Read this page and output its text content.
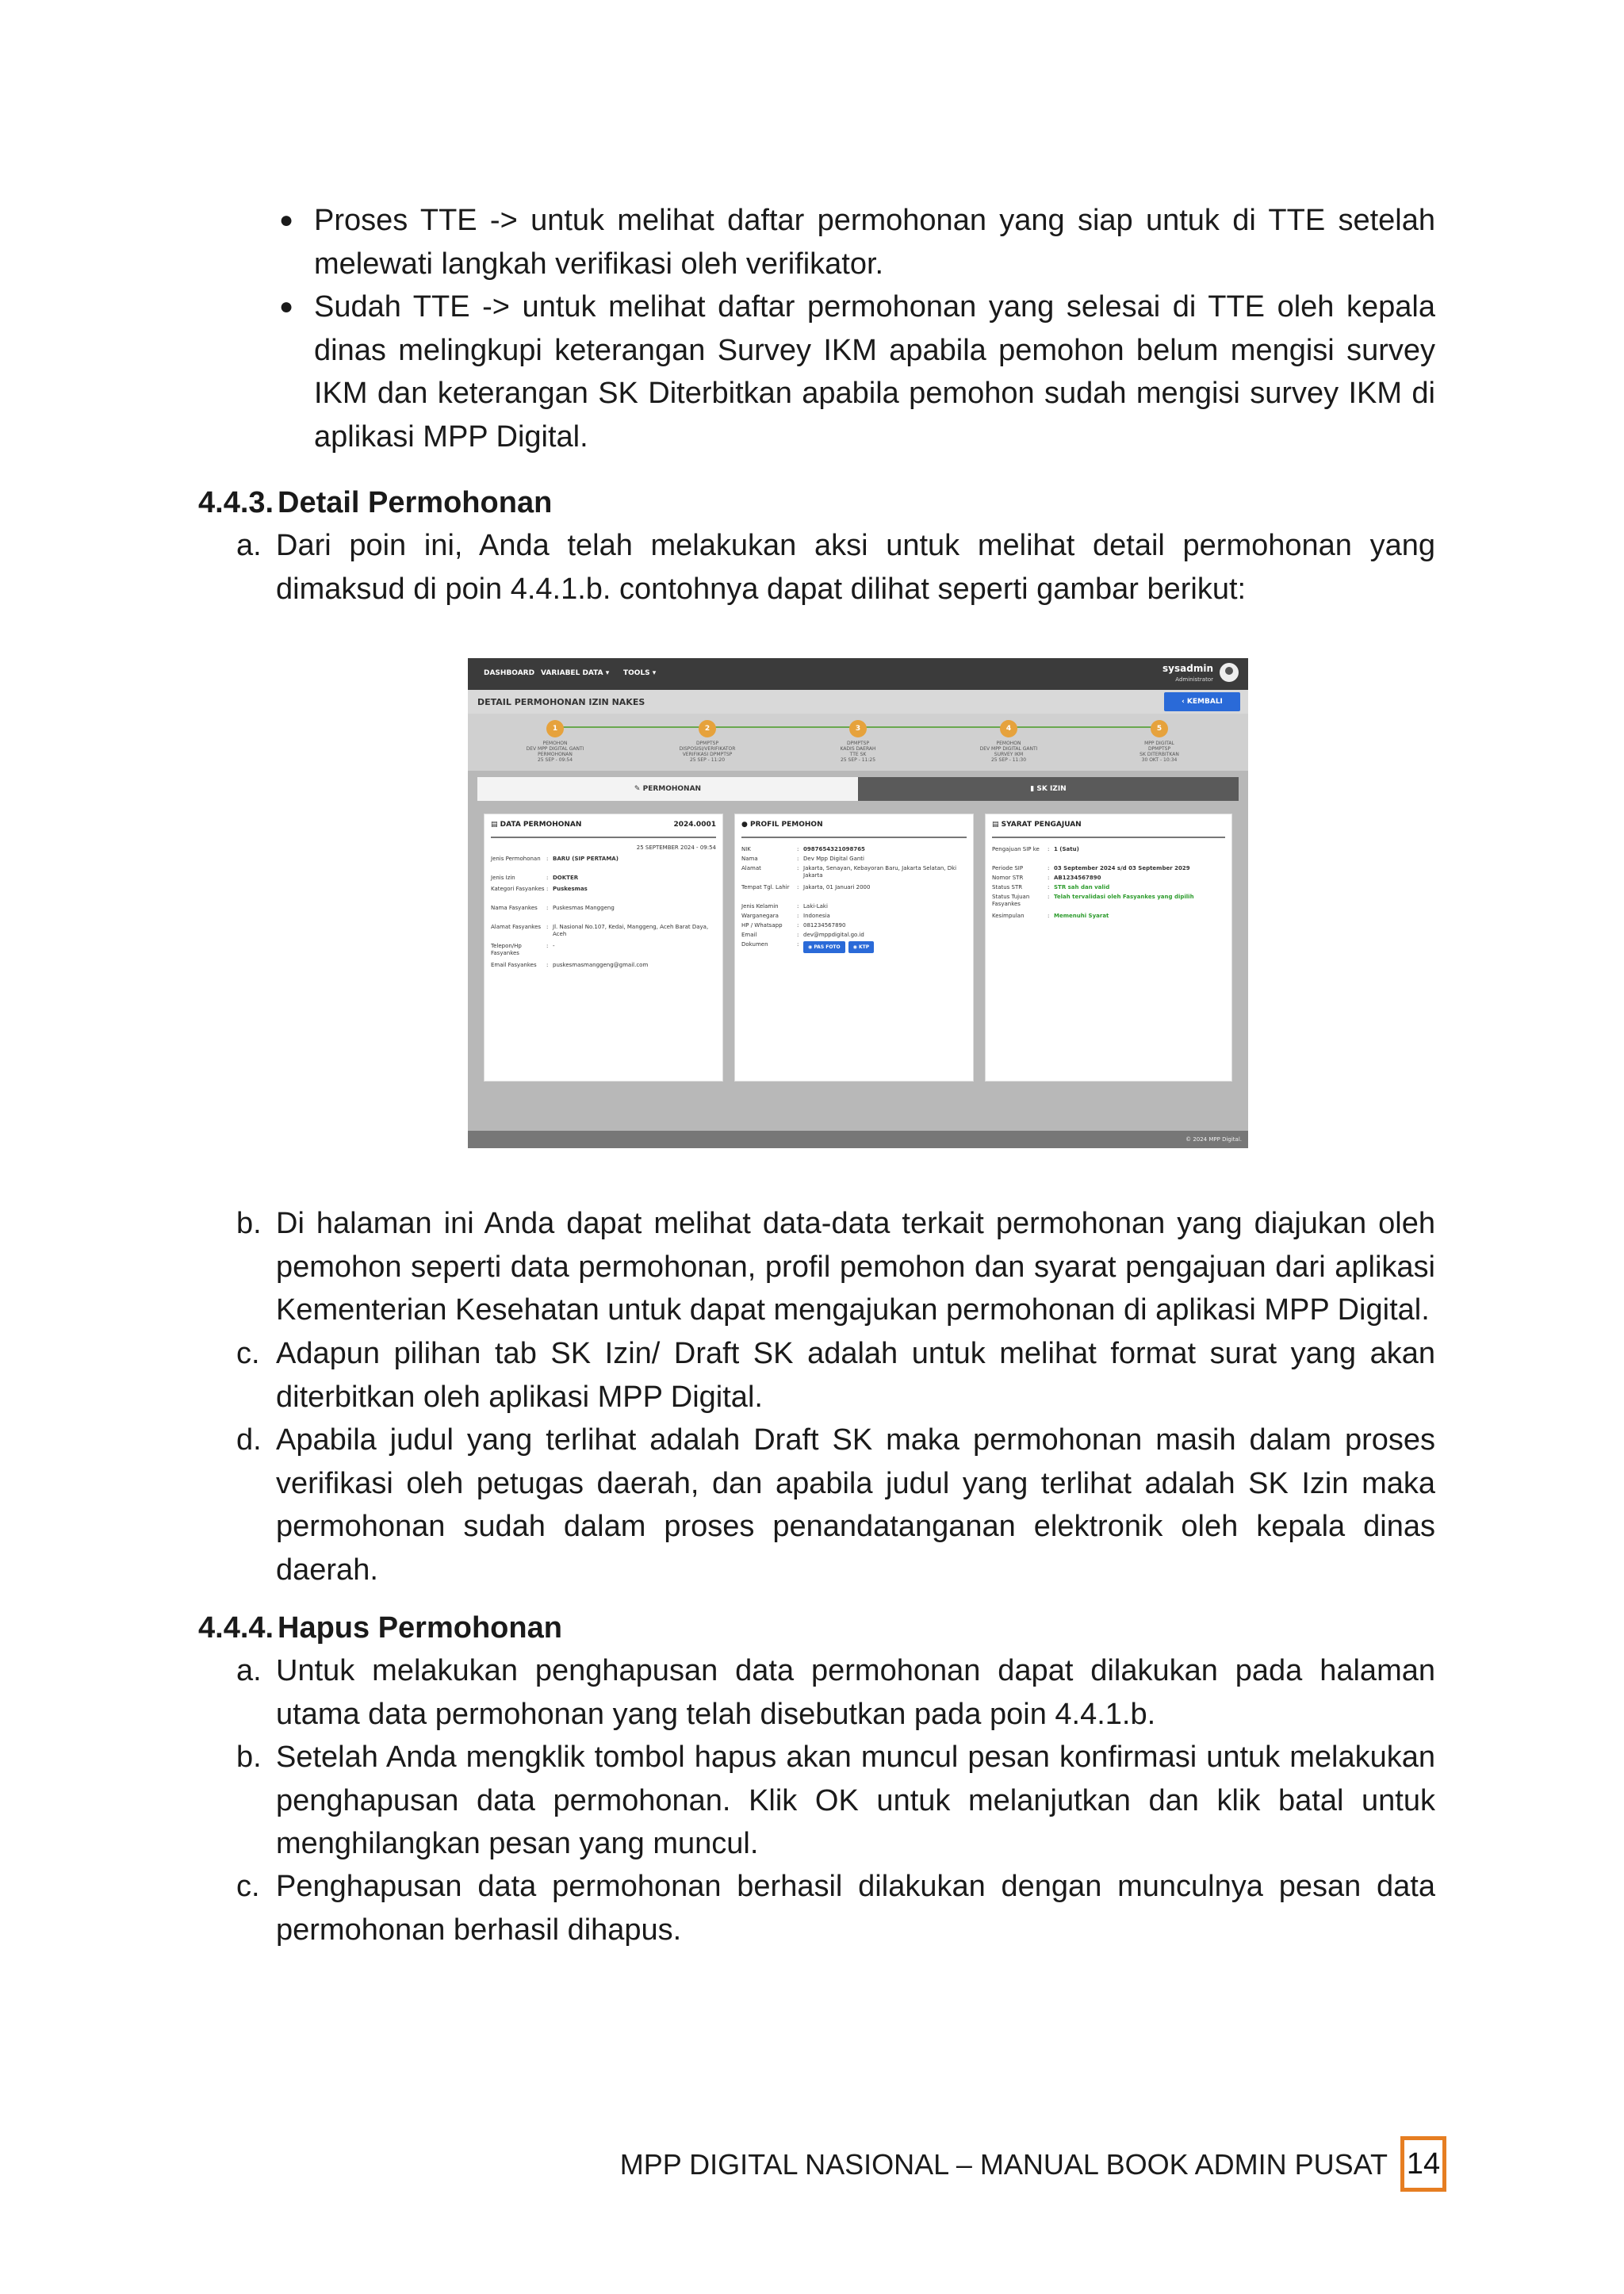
● Proses TTE -> untuk melihat daftar permohonan yang siap untuk di TTE setelah melewati langkah verifikasi oleh verifikator.
● Sudah TTE -> untuk melihat daftar permohonan yang selesai di TTE oleh kepala dinas melingkupi keterangan Survey IKM apabila pemohon belum mengisi survey IKM dan keterangan SK Diterbitkan apabila pemohon sudah mengisi survey IKM di aplikasi MPP Digital.
4.4.3. Detail Permohonan
a. Dari poin ini, Anda telah melakukan aksi untuk melihat detail permohonan yang dimaksud di poin 4.4.1.b. contohnya dapat dilihat seperti gambar berikut:
DASHBOARD VARIABEL DATA ▾ TOOLS ▾	sysadmin
Administrator
DETAIL PERMOHONAN IZIN NAKES	‹ KEMBALI
1
PEMOHON
DEV MPP DIGITAL GANTI
PERMOHONAN
25 SEP - 09:54
2
DPMPTSP
DISPOSISI/VERIFIKATOR
VERIFIKASI DPMPTSP
25 SEP - 11:20
3
DPMPTSP
KADIS DAERAH
TTE SK
25 SEP - 11:25
4
PEMOHON
DEV MPP DIGITAL GANTI
SURVEY IKM
25 SEP - 11:30
5
MPP DIGITAL
DPMPTSP
SK DITERBITKAN
30 OKT - 10:34
✎ PERMOHONAN	▮ SK IZIN
▤ DATA PERMOHONAN	2024.0001
25 SEPTEMBER 2024 - 09:54
Jenis Permohonan	: BARU (SIP PERTAMA)
Jenis Izin	: DOKTER
Kategori Fasyankes : Puskesmas
Nama Fasyankes	: Puskesmas Manggeng
Alamat Fasyankes : Jl. Nasional No.107, Kedai, Manggeng, Aceh Barat Daya, Aceh
Telepon/Hp Fasyankes
: -
Email Fasyankes	: puskesmasmanggeng@gmail.com
● PROFIL PEMOHON
NIK	: 0987654321098765
Nama	: Dev Mpp Digital Ganti
Alamat	: Jakarta, Senayan, Kebayoran Baru, Jakarta Selatan, Dki Jakarta
Tempat Tgl. Lahir	: Jakarta, 01 Januari 2000
Jenis Kelamin	: Laki-Laki
Warganegara	: Indonesia
HP / Whatsapp	: 081234567890
Email	: dev@mppdigital.go.id
Dokumen	:	◉ PAS FOTO	◉ KTP
▤ SYARAT PENGAJUAN
Pengajuan SIP ke	: 1 (Satu)
Periode SIP	: 03 September 2024 s/d 03 September 2029
Nomor STR	: AB1234567890
Status STR	: STR sah dan valid
Status Tujuan Fasyankes
: Telah tervalidasi oleh Fasyankes yang dipilih
Kesimpulan	: Memenuhi Syarat
© 2024 MPP Digital.
b. Di halaman ini Anda dapat melihat data-data terkait permohonan yang diajukan oleh pemohon seperti data permohonan, profil pemohon dan syarat pengajuan dari aplikasi Kementerian Kesehatan untuk dapat mengajukan permohonan di aplikasi MPP Digital.
c. Adapun pilihan tab SK Izin/ Draft SK adalah untuk melihat format surat yang akan diterbitkan oleh aplikasi MPP Digital.
d. Apabila judul yang terlihat adalah Draft SK maka permohonan masih dalam proses verifikasi oleh petugas daerah, dan apabila judul yang terlihat adalah SK Izin maka permohonan sudah dalam proses penandatanganan elektronik oleh kepala dinas daerah.
4.4.4. Hapus Permohonan
a. Untuk melakukan penghapusan data permohonan dapat dilakukan pada halaman utama data permohonan yang telah disebutkan pada poin 4.4.1.b.
b. Setelah Anda mengklik tombol hapus akan muncul pesan konfirmasi untuk melakukan penghapusan data permohonan. Klik OK untuk melanjutkan dan klik batal untuk menghilangkan pesan yang muncul.
c. Penghapusan data permohonan berhasil dilakukan dengan munculnya pesan data permohonan berhasil dihapus.
MPP DIGITAL NASIONAL – MANUAL BOOK ADMIN PUSAT 14
